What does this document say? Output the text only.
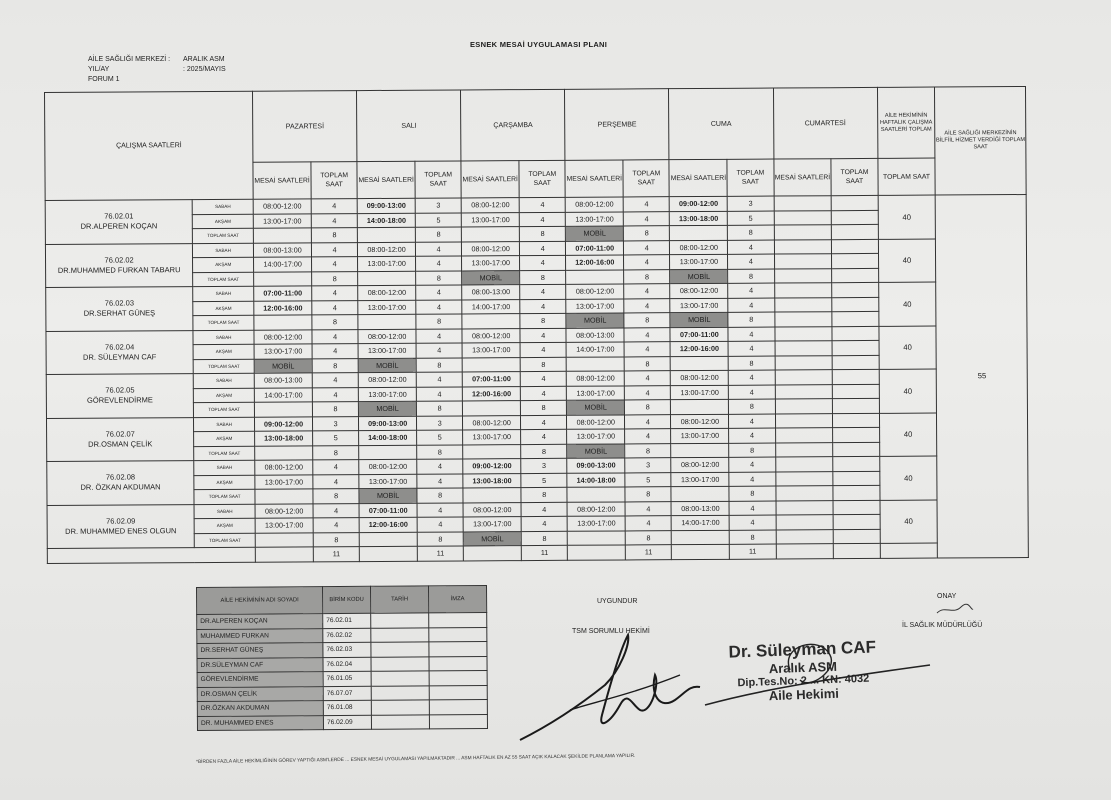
ESNEK MESAİ UYGULAMASI PLANI
AİLE SAĞLIĞI MERKEZİ : ARALIK ASM
YIL/AY	: 2025/MAYIS
FORUM 1
ÇALIŞMA SAATLERİ		PAZARTESİ		SALI		ÇARŞAMBA		PERŞEMBE		CUMA		CUMARTESİ		AİLE HEKİMİNİN HAFTALIK ÇALIŞMA SAATLERİ TOPLAM	AİLE SAĞLIĞI MERKEZİNİN BİLFİİL HİZMET VERDİĞİ TOPLAM SAAT
		MESAİ SAATLERİ	TOPLAM SAAT	MESAİ SAATLERİ	TOPLAM SAAT	MESAİ SAATLERİ	TOPLAM SAAT	MESAİ SAATLERİ	TOPLAM SAAT	MESAİ SAATLERİ	TOPLAM SAAT	MESAİ SAATLERİ	TOPLAM SAAT	TOPLAM SAAT	

76.02.01
DR.ALPEREN KOÇAN	SABAH	08:00-12:00	4	09:00-13:00	3	08:00-12:00	4	08:00-12:00	4	09:00-12:00	3			40	55
	AKŞAM	13:00-17:00	4	14:00-18:00	5	13:00-17:00	4	13:00-17:00	4	13:00-18:00	5				
	TOPLAM SAAT		8		8		8	MOBİL	8		8				

76.02.02
DR.MUHAMMED FURKAN TABARU	SABAH	08:00-13:00	4	08:00-12:00	4	08:00-12:00	4	07:00-11:00	4	08:00-12:00	4			40	
	AKŞAM	14:00-17:00	4	13:00-17:00	4	13:00-17:00	4	12:00-16:00	4	13:00-17:00	4				
	TOPLAM SAAT		8		8	MOBİL	8		8	MOBİL	8				

76.02.03
DR.SERHAT GÜNEŞ	SABAH	07:00-11:00	4	08:00-12:00	4	08:00-13:00	4	08:00-12:00	4	08:00-12:00	4			40	
	AKŞAM	12:00-16:00	4	13:00-17:00	4	14:00-17:00	4	13:00-17:00	4	13:00-17:00	4				
	TOPLAM SAAT		8		8		8	MOBİL	8	MOBİL	8				

76.02.04
DR. SÜLEYMAN CAF	SABAH	08:00-12:00	4	08:00-12:00	4	08:00-12:00	4	08:00-13:00	4	07:00-11:00	4			40	
	AKŞAM	13:00-17:00	4	13:00-17:00	4	13:00-17:00	4	14:00-17:00	4	12:00-16:00	4				
	TOPLAM SAAT	MOBİL	8	MOBİL	8		8		8		8				

76.02.05
GÖREVLENDİRME	SABAH	08:00-13:00	4	08:00-12:00	4	07:00-11:00	4	08:00-12:00	4	08:00-12:00	4			40	
	AKŞAM	14:00-17:00	4	13:00-17:00	4	12:00-16:00	4	13:00-17:00	4	13:00-17:00	4				
	TOPLAM SAAT		8	MOBİL	8		8	MOBİL	8		8				

76.02.07
DR.OSMAN ÇELİK	SABAH	09:00-12:00	3	09:00-13:00	3	08:00-12:00	4	08:00-12:00	4	08:00-12:00	4			40	
	AKŞAM	13:00-18:00	5	14:00-18:00	5	13:00-17:00	4	13:00-17:00	4	13:00-17:00	4				
	TOPLAM SAAT		8		8		8	MOBİL	8		8				

76.02.08
DR. ÖZKAN AKDUMAN	SABAH	08:00-12:00	4	08:00-12:00	4	09:00-12:00	3	09:00-13:00	3	08:00-12:00	4			40	
	AKŞAM	13:00-17:00	4	13:00-17:00	4	13:00-18:00	5	14:00-18:00	5	13:00-17:00	4				
	TOPLAM SAAT		8	MOBİL	8		8		8		8				

76.02.09
DR. MUHAMMED ENES OLGUN	SABAH	08:00-12:00	4	07:00-11:00	4	08:00-12:00	4	08:00-12:00	4	08:00-13:00	4			40	
	AKŞAM	13:00-17:00	4	12:00-16:00	4	13:00-17:00	4	13:00-17:00	4	14:00-17:00	4				
	TOPLAM SAAT		8		8	MOBİL	8		8		8				
			11		11		11		11		11				
AİLE HEKİMİNİN ADI SOYADI	BİRİM KODU	TARİH	İMZA
DR.ALPEREN KOÇAN	76.02.01		
MUHAMMED FURKAN	76.02.02		
DR.SERHAT GÜNEŞ	76.02.03		
DR.SÜLEYMAN CAF	76.02.04		
GÖREVLENDİRME	76.01.05		
DR.OSMAN ÇELİK	76.07.07		
DR.ÖZKAN AKDUMAN	76.01.08		
DR. MUHAMMED ENES	76.02.09		
UYGUNDUR
TSM SORUMLU HEKİMİ
ONAY
İL SAĞLIK MÜDÜRLÜĞÜ
Dr. Süleyman CAF
Aralık ASM
Dip.Tes.No: 2 ... KN: 4032
Aile Hekimi
*BİRDEN FAZLA AİLE HEKİMLİĞİNİN GÖREV YAPTIĞI ASM'LERDE ... ESNEK MESAİ UYGULAMASI YAPILMAKTADIR ... ASM HAFTALIK EN AZ 55 SAAT AÇIK KALACAK ŞEKİLDE PLANLAMA YAPILIR.
